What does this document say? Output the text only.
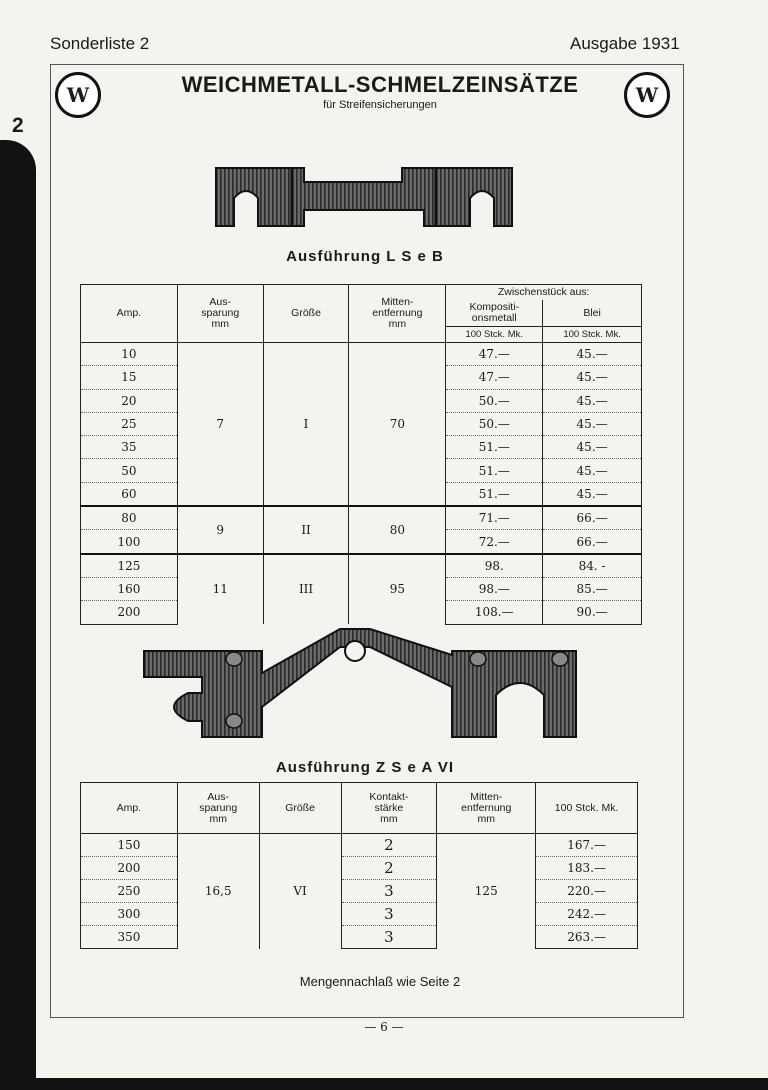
2
Sonderliste 2	Ausgabe 1931
W	W
WEICHMETALL-SCHMELZEINSÄTZE
für Streifensicherungen
Ausführung L S e B
Amp.	Aus-
sparung
mm	Größe	Mitten-
entfernung
mm	Zwischenstück aus:	
				Kompositi-
onsmetall	Blei
				100 Stck. Mk.	100 Stck. Mk.
10	7	I	70	47.—	45.—
15				47.—	45.—
20				50.—	45.—
25				50.—	45.—
35				51.—	45.—
50				51.—	45.—
60				51.—	45.—
80	9	II	80	71.—	66.—
100				72.—	66.—
125	11	III	95	98.	84. -
160				98.—	85.—
200				108.—	90.—
Ausführung Z S e A VI
Amp.	Aus-
sparung
mm	Größe	Kontakt-
stärke
mm	Mitten-
entfernung
mm	100 Stck. Mk.
150	16,5	VI	2	125	167.—
200			2		183.—
250			3		220.—
300			3		242.—
350			3		263.—
Mengennachlaß wie Seite 2
— 6 —
